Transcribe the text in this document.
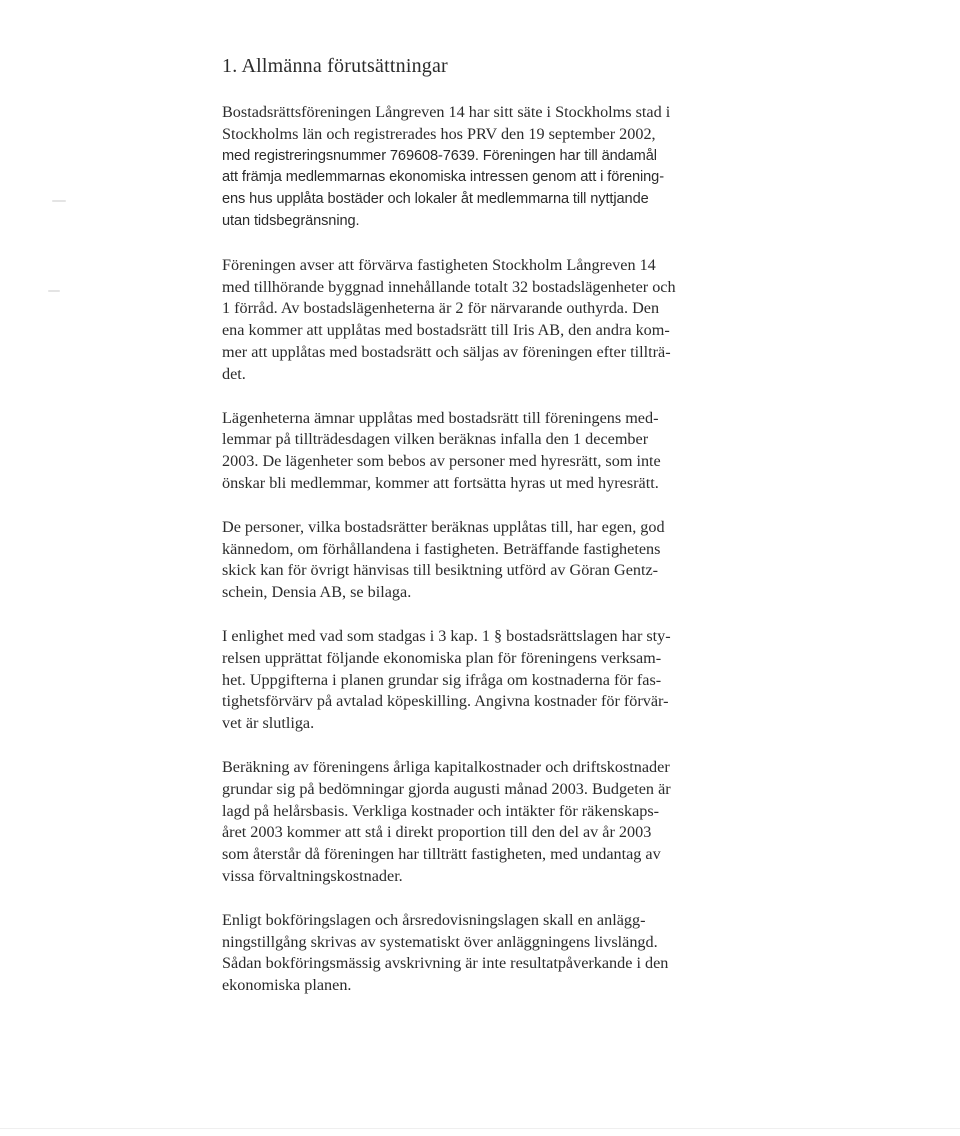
1. Allmänna förutsättningar
Bostadsrättsföreningen Långreven 14 har sitt säte i Stockholms stad i
Stockholms län och registrerades hos PRV den 19 september 2002,
med registreringsnummer 769608-7639. Föreningen har till ändamål
att främja medlemmarnas ekonomiska intressen genom att i förening-
ens hus upplåta bostäder och lokaler åt medlemmarna till nyttjande
utan tidsbegränsning.
Föreningen avser att förvärva fastigheten Stockholm Långreven 14
med tillhörande byggnad innehållande totalt 32 bostadslägenheter och
1 förråd. Av bostadslägenheterna är 2 för närvarande outhyrda. Den
ena kommer att upplåtas med bostadsrätt till Iris AB, den andra kom-
mer att upplåtas med bostadsrätt och säljas av föreningen efter tillträ-
det.
Lägenheterna ämnar upplåtas med bostadsrätt till föreningens med-
lemmar på tillträdesdagen vilken beräknas infalla den 1 december
2003. De lägenheter som bebos av personer med hyresrätt, som inte
önskar bli medlemmar, kommer att fortsätta hyras ut med hyresrätt.
De personer, vilka bostadsrätter beräknas upplåtas till, har egen, god
kännedom, om förhållandena i fastigheten. Beträffande fastighetens
skick kan för övrigt hänvisas till besiktning utförd av Göran Gentz-
schein, Densia AB, se bilaga.
I enlighet med vad som stadgas i 3 kap. 1 § bostadsrättslagen har sty-
relsen upprättat följande ekonomiska plan för föreningens verksam-
het. Uppgifterna i planen grundar sig ifråga om kostnaderna för fas-
tighetsförvärv på avtalad köpeskilling. Angivna kostnader för förvär-
vet är slutliga.
Beräkning av föreningens årliga kapitalkostnader och driftskostnader
grundar sig på bedömningar gjorda augusti månad 2003. Budgeten är
lagd på helårsbasis. Verkliga kostnader och intäkter för räkenskaps-
året 2003 kommer att stå i direkt proportion till den del av år 2003
som återstår då föreningen har tillträtt fastigheten, med undantag av
vissa förvaltningskostnader.
Enligt bokföringslagen och årsredovisningslagen skall en anlägg-
ningstillgång skrivas av systematiskt över anläggningens livslängd.
Sådan bokföringsmässig avskrivning är inte resultatpåverkande i den
ekonomiska planen.
